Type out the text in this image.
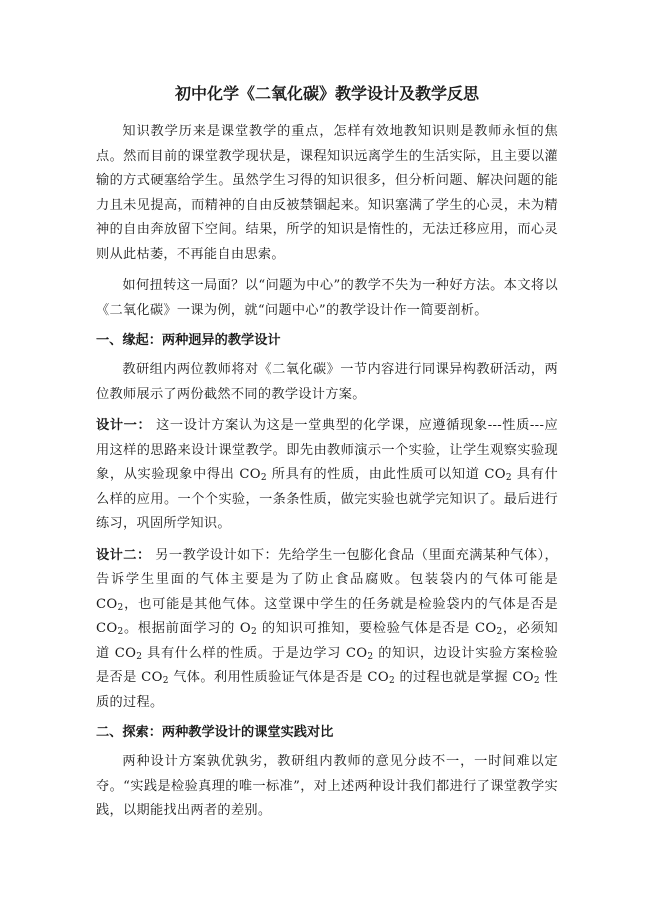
初中化学《二氧化碳》教学设计及教学反思

知识教学历来是课堂教学的重点，怎样有效地教知识则是教师永恒的焦点。然而目前的课堂教学现状是，课程知识远离学生的生活实际，且主要以灌输的方式硬塞给学生。虽然学生习得的知识很多，但分析问题、解决问题的能力且未见提高，而精神的自由反被禁锢起来。知识塞满了学生的心灵，未为精神的自由奔放留下空间。结果，所学的知识是惰性的，无法迁移应用，而心灵则从此枯萎，不再能自由思索。

如何扭转这一局面？以“问题为中心”的教学不失为一种好方法。本文将以《二氧化碳》一课为例，就“问题中心”的教学设计作一简要剖析。

一、缘起：两种迥异的教学设计

教研组内两位教师将对《二氧化碳》一节内容进行同课异构教研活动，两位教师展示了两份截然不同的教学设计方案。

设计一： 这一设计方案认为这是一堂典型的化学课，应遵循现象---性质---应用这样的思路来设计课堂教学。即先由教师演示一个实验，让学生观察实验现象，从实验现象中得出 $CO_2$ 所具有的性质，由此性质可以知道 $CO_2$ 具有什么样的应用。一个个实验，一条条性质，做完实验也就学完知识了。最后进行练习，巩固所学知识。

设计二： 另一教学设计如下：先给学生一包膨化食品（里面充满某种气体），告诉学生里面的气体主要是为了防止食品腐败。包装袋内的气体可能是 $CO_2$，也可能是其他气体。这堂课中学生的任务就是检验袋内的气体是否是 $CO_2$。根据前面学习的 $O_2$ 的知识可推知，要检验气体是否是 $CO_2$，必须知道 $CO_2$ 具有什么样的性质。于是边学习 $CO_2$ 的知识，边设计实验方案检验是否是 $CO_2$ 气体。利用性质验证气体是否是 $CO_2$ 的过程也就是掌握 $CO_2$ 性质的过程。

二、探索：两种教学设计的课堂实践对比

两种设计方案孰优孰劣，教研组内教师的意见分歧不一，一时间难以定夺。“实践是检验真理的唯一标准”，对上述两种设计我们都进行了课堂教学实践，以期能找出两者的差别。
